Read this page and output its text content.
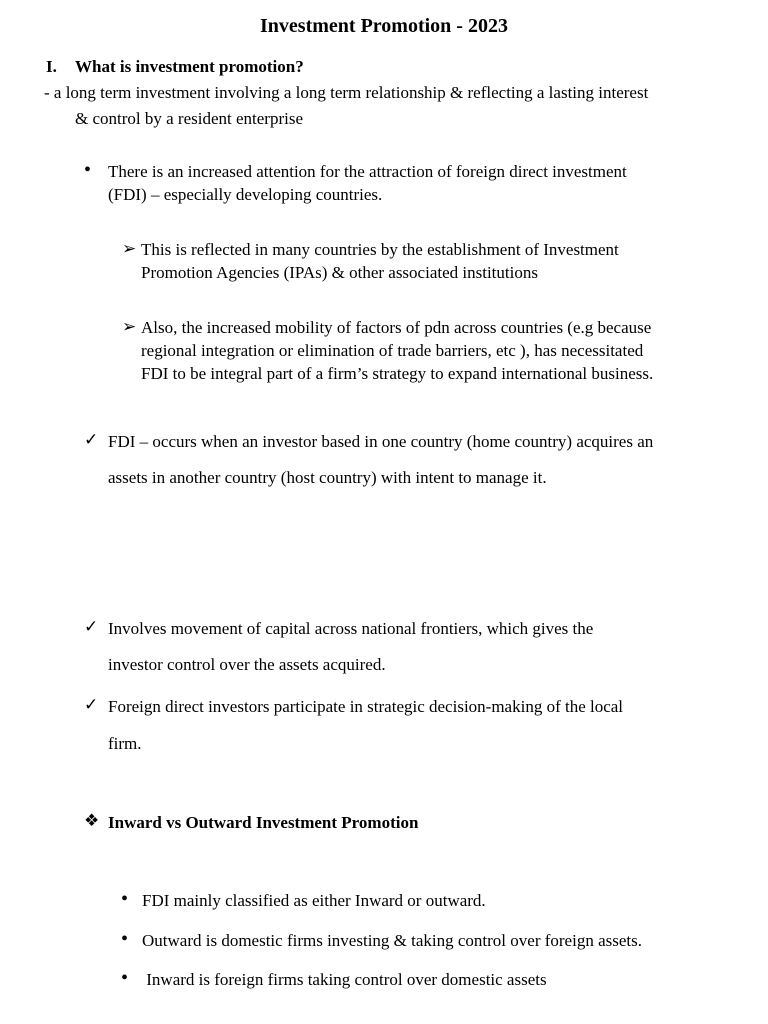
Investment Promotion - 2023
I. What is investment promotion?
- a long term investment involving a long term relationship & reflecting a lasting interest
& control by a resident enterprise
• There is an increased attention for the attraction of foreign direct investment
(FDI) – especially developing countries.
➢ This is reflected in many countries by the establishment of Investment
Promotion Agencies (IPAs) & other associated institutions
➢ Also, the increased mobility of factors of pdn across countries (e.g because
regional integration or elimination of trade barriers, etc ), has necessitated
FDI to be integral part of a firm’s strategy to expand international business.
✓ FDI – occurs when an investor based in one country (home country) acquires an
assets in another country (host country) with intent to manage it.
✓ Involves movement of capital across national frontiers, which gives the
investor control over the assets acquired.
✓ Foreign direct investors participate in strategic decision-making of the local
firm.
❖ Inward vs Outward Investment Promotion
• FDI mainly classified as either Inward or outward.
• Outward is domestic firms investing & taking control over foreign assets.
• Inward is foreign firms taking control over domestic assets
